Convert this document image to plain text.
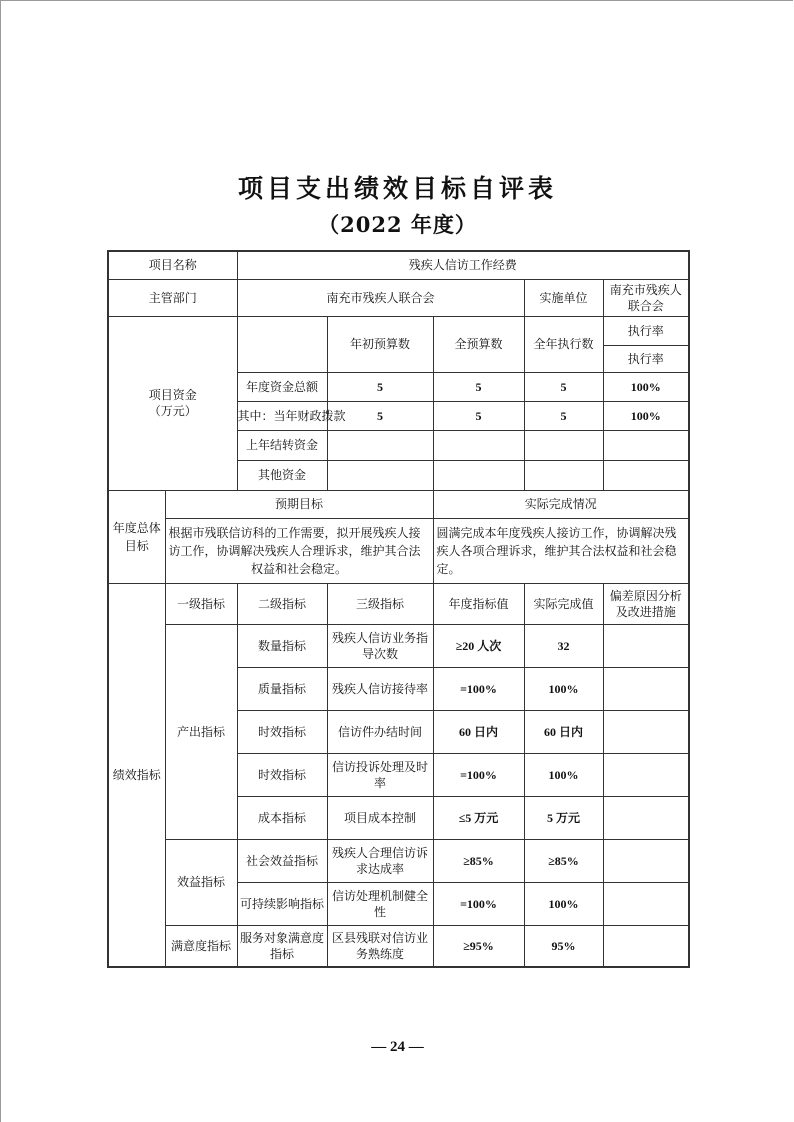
项目支出绩效目标自评表
（2022 年度）
项目名称		残疾人信访工作经费				
主管部门		南充市残疾人联合会			实施单位	南充市残疾人联合会

项目资金
（万元）			年初预算数	全预算数	全年执行数	执行率
						执行率
		年度资金总额	5	5	5	100%
		其中：当年财政拨款	5	5	5	100%
		上年结转资金				
		其他资金				
年度总体目标	预期目标			实际完成情况		
	根据市残联信访科的工作需要，拟开展残疾人接访工作，协调解决残疾人合理诉求，维护其合法权益和社会稳定。			圆满完成本年度残疾人接访工作，协调解决残疾人各项合理诉求，维护其合法权益和社会稳定。		
绩效指标	一级指标	二级指标	三级指标	年度指标值	实际完成值	偏差原因分析及改进措施
	产出指标	数量指标	残疾人信访业务指导次数	≥20 人次	32	
		质量指标	残疾人信访接待率	=100%	100%	
		时效指标	信访件办结时间	60 日内	60 日内	
		时效指标	信访投诉处理及时率	=100%	100%	
		成本指标	项目成本控制	≤5 万元	5 万元	
	效益指标	社会效益指标	残疾人合理信访诉求达成率	≥85%	≥85%	
		可持续影响指标	信访处理机制健全性	=100%	100%	
	满意度指标	服务对象满意度指标	区县残联对信访业务熟练度	≥95%	95%	
— 24 —
